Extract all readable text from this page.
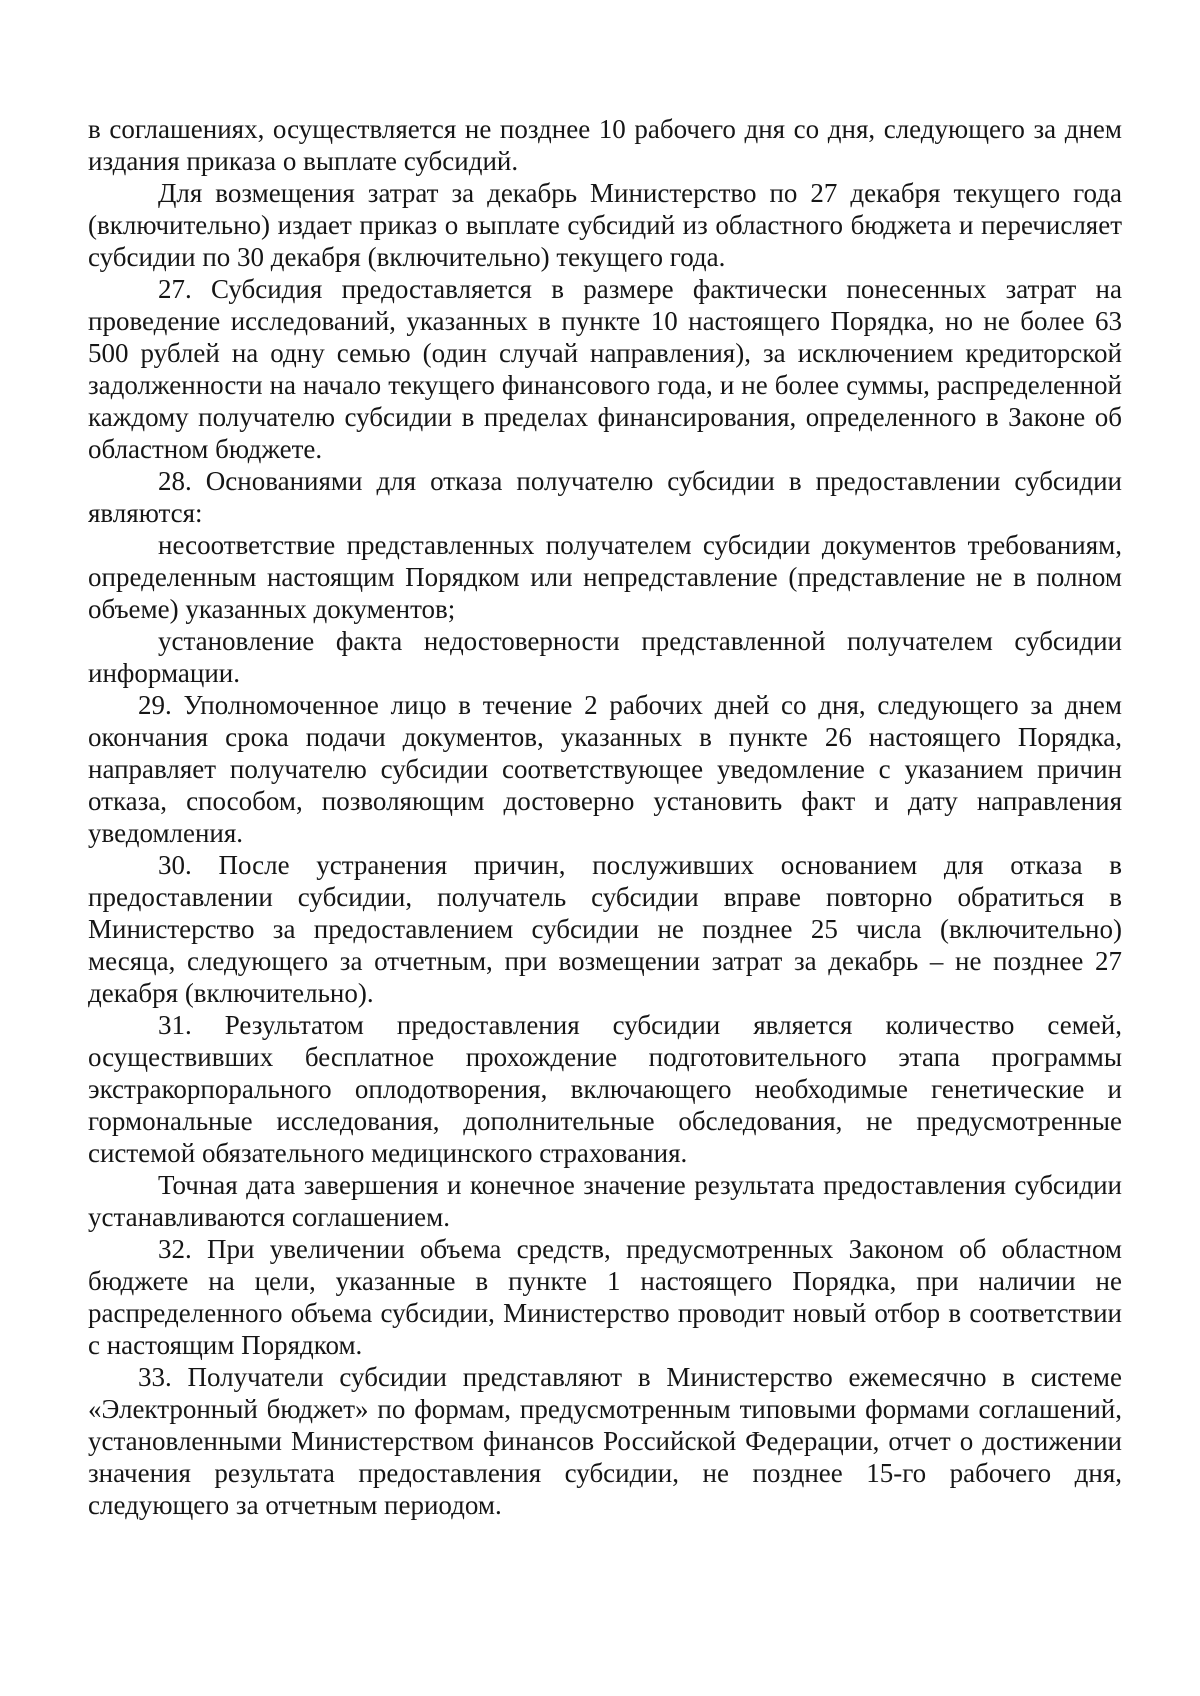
в соглашениях, осуществляется не позднее 10 рабочего дня со дня, следующего за днем издания приказа о выплате субсидий.

Для возмещения затрат за декабрь Министерство по 27 декабря текущего года (включительно) издает приказ о выплате субсидий из областного бюджета и перечисляет субсидии по 30 декабря (включительно) текущего года.

27. Субсидия предоставляется в размере фактически понесенных затрат на проведение исследований, указанных в пункте 10 настоящего Порядка, но не более 63 500 рублей на одну семью (один случай направления), за исключением кредиторской задолженности на начало текущего финансового года, и не более суммы, распределенной каждому получателю субсидии в пределах финансирования, определенного в Законе об областном бюджете.

28. Основаниями для отказа получателю субсидии в предоставлении субсидии являются:

несоответствие представленных получателем субсидии документов требованиям, определенным настоящим Порядком или непредставление (представление не в полном объеме) указанных документов;

установление факта недостоверности представленной получателем субсидии информации.

29. Уполномоченное лицо в течение 2 рабочих дней со дня, следующего за днем окончания срока подачи документов, указанных в пункте 26 настоящего Порядка, направляет получателю субсидии соответствующее уведомление с указанием причин отказа, способом, позволяющим достоверно установить факт и дату направления уведомления.

30. После устранения причин, послуживших основанием для отказа в предоставлении субсидии, получатель субсидии вправе повторно обратиться в Министерство за предоставлением субсидии не позднее 25 числа (включительно) месяца, следующего за отчетным, при возмещении затрат за декабрь – не позднее 27 декабря (включительно).

31. Результатом предоставления субсидии является количество семей, осуществивших бесплатное прохождение подготовительного этапа программы экстракорпорального оплодотворения, включающего необходимые генетические и гормональные исследования, дополнительные обследования, не предусмотренные системой обязательного медицинского страхования.

Точная дата завершения и конечное значение результата предоставления субсидии устанавливаются соглашением.

32. При увеличении объема средств, предусмотренных Законом об областном бюджете на цели, указанные в пункте 1 настоящего Порядка, при наличии не распределенного объема субсидии, Министерство проводит новый отбор в соответствии с настоящим Порядком.

33. Получатели субсидии представляют в Министерство ежемесячно в системе «Электронный бюджет» по формам, предусмотренным типовыми формами соглашений, установленными Министерством финансов Российской Федерации, отчет о достижении значения результата предоставления субсидии, не позднее 15-го рабочего дня, следующего за отчетным периодом.
